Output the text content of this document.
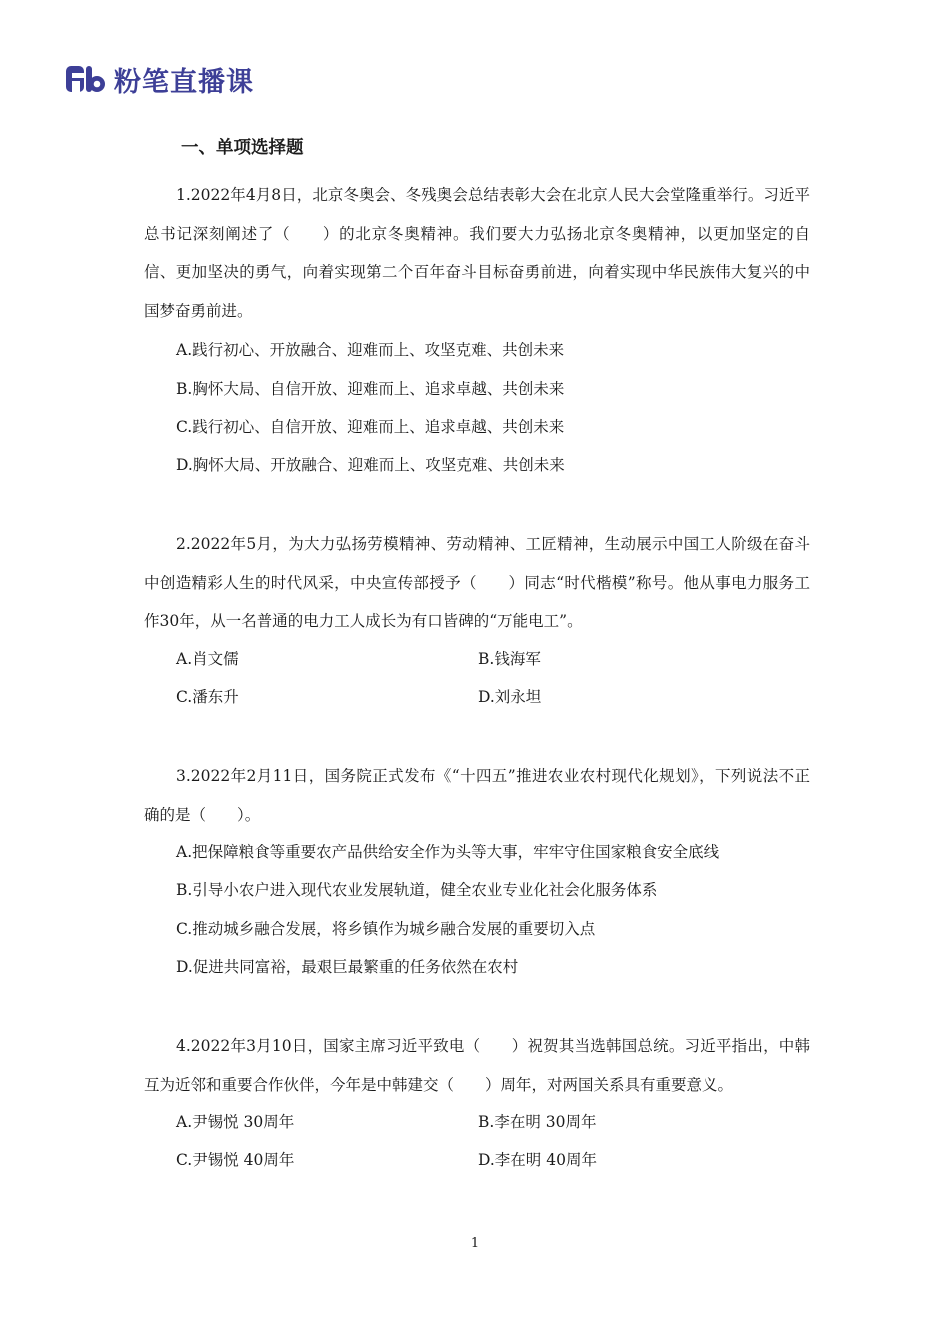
粉笔直播课
一、单项选择题

1.2022年4月8日，北京冬奥会、冬残奥会总结表彰大会在北京人民大会堂隆重举行。习近平总书记深刻阐述了（　　）的北京冬奥精神。我们要大力弘扬北京冬奥精神，以更加坚定的自信、更加坚决的勇气，向着实现第二个百年奋斗目标奋勇前进，向着实现中华民族伟大复兴的中国梦奋勇前进。

A.践行初心、开放融合、迎难而上、攻坚克难、共创未来
B.胸怀大局、自信开放、迎难而上、追求卓越、共创未来
C.践行初心、自信开放、迎难而上、追求卓越、共创未来
D.胸怀大局、开放融合、迎难而上、攻坚克难、共创未来

2.2022年5月，为大力弘扬劳模精神、劳动精神、工匠精神，生动展示中国工人阶级在奋斗中创造精彩人生的时代风采，中央宣传部授予（　　）同志“时代楷模”称号。他从事电力服务工作30年，从一名普通的电力工人成长为有口皆碑的“万能电工”。

A.肖文儒	B.钱海军
C.潘东升	D.刘永坦

3.2022年2月11日，国务院正式发布《“十四五”推进农业农村现代化规划》，下列说法不正确的是（　　）。

A.把保障粮食等重要农产品供给安全作为头等大事，牢牢守住国家粮食安全底线
B.引导小农户进入现代农业发展轨道，健全农业专业化社会化服务体系
C.推动城乡融合发展，将乡镇作为城乡融合发展的重要切入点
D.促进共同富裕，最艰巨最繁重的任务依然在农村

4.2022年3月10日，国家主席习近平致电（　　）祝贺其当选韩国总统。习近平指出，中韩互为近邻和重要合作伙伴，今年是中韩建交（　　）周年，对两国关系具有重要意义。

A.尹锡悦 30周年	B.李在明 30周年
C.尹锡悦 40周年	D.李在明 40周年
1
